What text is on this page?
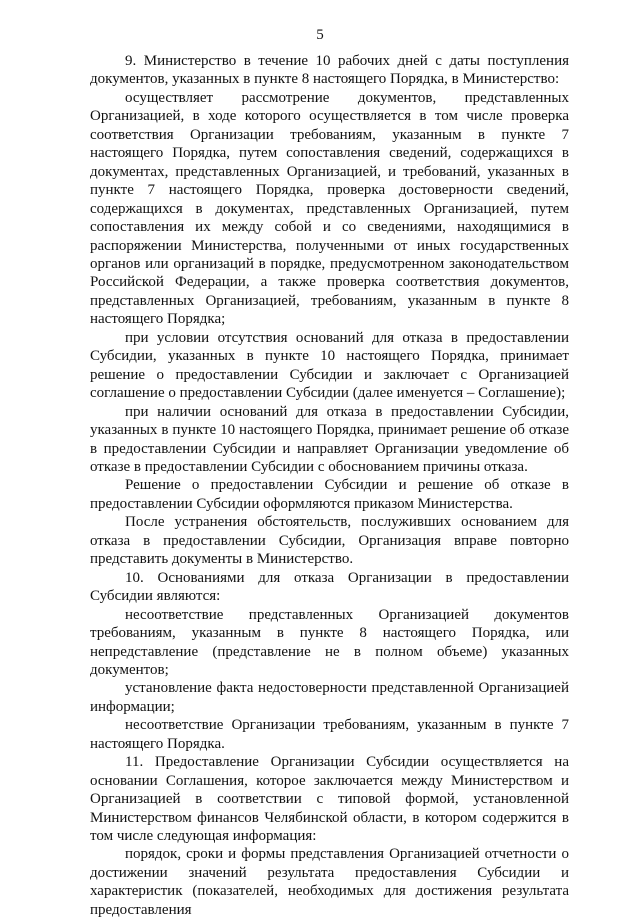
5

9. Министерство в течение 10 рабочих дней с даты поступления документов, указанных в пункте 8 настоящего Порядка, в Министерство:

осуществляет рассмотрение документов, представленных Организацией, в ходе которого осуществляется в том числе проверка соответствия Организации требованиям, указанным в пункте 7 настоящего Порядка, путем сопоставления сведений, содержащихся в документах, представленных Организацией, и требований, указанных в пункте 7 настоящего Порядка, проверка достоверности сведений, содержащихся в документах, представленных Организацией, путем сопоставления их между собой и со сведениями, находящимися в распоряжении Министерства, полученными от иных государственных органов или организаций в порядке, предусмотренном законодательством Российской Федерации, а также проверка соответствия документов, представленных Организацией, требованиям, указанным в пункте 8 настоящего Порядка;

при условии отсутствия оснований для отказа в предоставлении Субсидии, указанных в пункте 10 настоящего Порядка, принимает решение о предоставлении Субсидии и заключает с Организацией соглашение о предоставлении Субсидии (далее именуется – Соглашение);

при наличии оснований для отказа в предоставлении Субсидии, указанных в пункте 10 настоящего Порядка, принимает решение об отказе в предоставлении Субсидии и направляет Организации уведомление об отказе в предоставлении Субсидии с обоснованием причины отказа.

Решение о предоставлении Субсидии и решение об отказе в предоставлении Субсидии оформляются приказом Министерства.

После устранения обстоятельств, послуживших основанием для отказа в предоставлении Субсидии, Организация вправе повторно представить документы в Министерство.

10. Основаниями для отказа Организации в предоставлении Субсидии являются:

несоответствие представленных Организацией документов требованиям, указанным в пункте 8 настоящего Порядка, или непредставление (представление не в полном объеме) указанных документов;

установление факта недостоверности представленной Организацией информации;

несоответствие Организации требованиям, указанным в пункте 7 настоящего Порядка.

11. Предоставление Организации Субсидии осуществляется на основании Соглашения, которое заключается между Министерством и Организацией в соответствии с типовой формой, установленной Министерством финансов Челябинской области, в котором содержится в том числе следующая информация:

порядок, сроки и формы представления Организацией отчетности о достижении значений результата предоставления Субсидии и характеристик (показателей, необходимых для достижения результата предоставления
